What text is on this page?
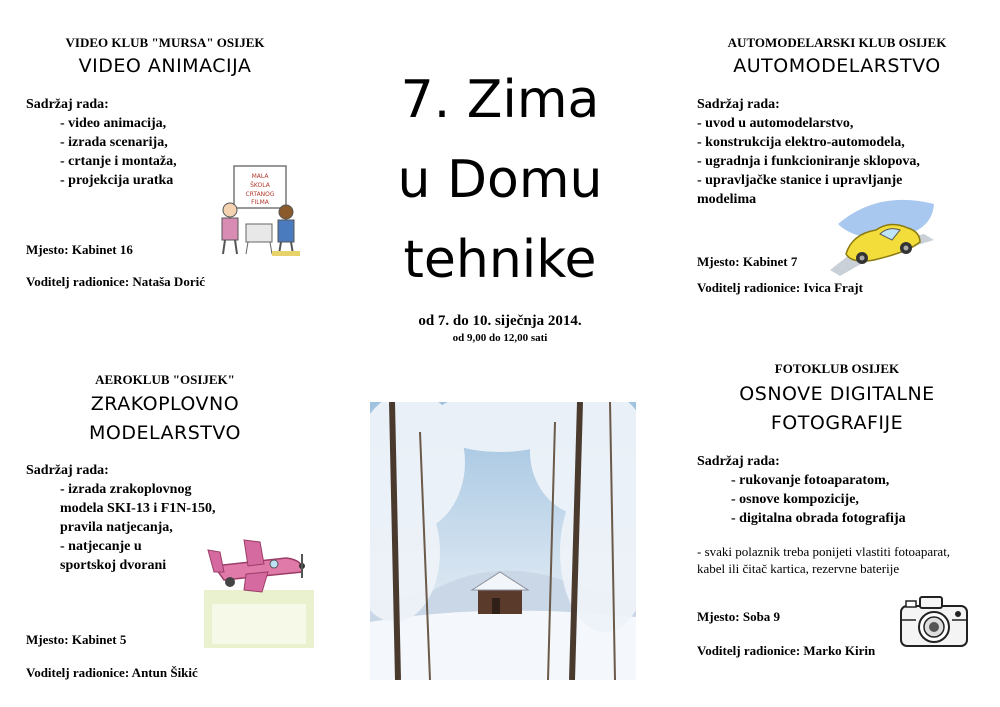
VIDEO KLUB "MURSA" OSIJEK
VIDEO ANIMACIJA
Sadržaj rada:
- video animacija,
- izrada scenarija,
- crtanje i montaža,
- projekcija uratka	MALA
ŠKOLA
CRTANOG
FILMA
Mjesto: Kabinet 16
Voditelj radionice: Nataša Dorić
AEROKLUB "OSIJEK"
ZRAKOPLOVNO
MODELARSTVO
Sadržaj rada:
- izrada zrakoplovnog
modela SKI-13 i F1N-150,
pravila natjecanja,
- natjecanje u
sportskoj dvorani
Mjesto: Kabinet 5
Voditelj radionice: Antun Šikić
7. Zima
u Domu
tehnike
od 7. do 10. siječnja 2014.
od 9,00 do 12,00 sati
AUTOMODELARSKI KLUB OSIJEK
AUTOMODELARSTVO
Sadržaj rada:
- uvod u automodelarstvo,
- konstrukcija elektro-automodela,
- ugradnja i funkcioniranje sklopova,
- upravljačke stanice i upravljanje
modelima
Mjesto: Kabinet 7
Voditelj radionice: Ivica Frajt
FOTOKLUB OSIJEK
OSNOVE DIGITALNE
FOTOGRAFIJE
Sadržaj rada:
- rukovanje fotoaparatom,
- osnove kompozicije,
- digitalna obrada fotografija
- svaki polaznik treba ponijeti vlastiti fotoaparat,
kabel ili čitač kartica, rezervne baterije
Mjesto: Soba 9
Voditelj radionice: Marko Kirin
